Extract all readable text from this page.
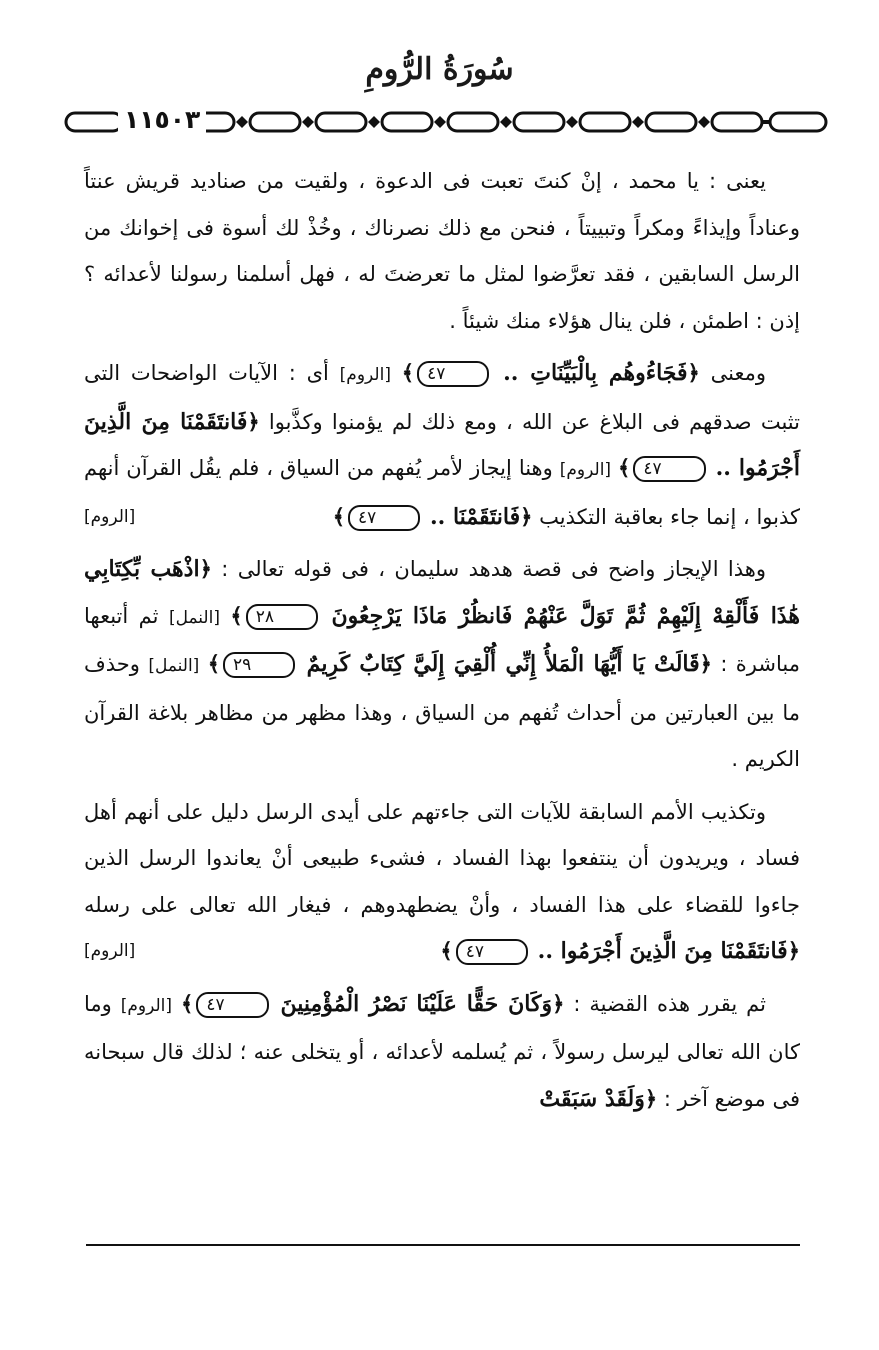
سُورَةُ الرُّومِ
١١٥٠٣

يعنى : يا محمد ، إنْ كنتَ تعبت فى الدعوة ، ولقيت من صناديد قريش عنتاً وعناداً وإيذاءً ومكراً وتبييتاً ، فنحن مع ذلك نصرناك ، وخُذْ لك أسوة فى إخوانك من الرسل السابقين ، فقد تعرَّضوا لمثل ما تعرضتَ له ، فهل أسلمنا رسولنا لأعدائه ؟ إذن : اطمئن ، فلن ينال هؤلاء منك شيئاً .

ومعنى ﴿فَجَاءُوهُم بِالْبَيِّنَاتِ .. ٤٧﴾ [الروم] أى : الآيات الواضحات التى تثبت صدقهم فى البلاغ عن الله ، ومع ذلك لم يؤمنوا وكذَّبوا ﴿فَانتَقَمْنَا مِنَ الَّذِينَ أَجْرَمُوا .. ٤٧﴾ [الروم] وهنا إيجاز لأمر يُفهم من السياق ، فلم يقُل القرآن أنهم كذبوا ، إنما جاء بعاقبة التكذيب ﴿فَانتَقَمْنَا .. ٤٧﴾
[الروم]

وهذا الإيجاز واضح فى قصة هدهد سليمان ، فى قوله تعالى : ﴿اذْهَب بِّكِتَابِي هَٰذَا فَأَلْقِهْ إِلَيْهِمْ ثُمَّ تَوَلَّ عَنْهُمْ فَانظُرْ مَاذَا يَرْجِعُونَ ٢٨﴾ [النمل] ثم أتبعها مباشرة : ﴿قَالَتْ يَا أَيُّهَا الْمَلأُ إِنِّي أُلْقِيَ إِلَيَّ كِتَابٌ كَرِيمٌ ٢٩﴾ [النمل] وحذف ما بين العبارتين من أحداث تُفهم من السياق ، وهذا مظهر من مظاهر بلاغة القرآن الكريم .

وتكذيب الأمم السابقة للآيات التى جاءتهم على أيدى الرسل دليل على أنهم أهل فساد ، ويريدون أن ينتفعوا بهذا الفساد ، فشىء طبيعى أنْ يعاندوا الرسل الذين جاءوا للقضاء على هذا الفساد ، وأنْ يضطهدوهم ، فيغار الله تعالى على رسله ﴿فَانتَقَمْنَا مِنَ الَّذِينَ أَجْرَمُوا .. ٤٧﴾
[الروم]

ثم يقرر هذه القضية : ﴿وَكَانَ حَقًّا عَلَيْنَا نَصْرُ الْمُؤْمِنِينَ ٤٧﴾ [الروم] وما كان الله تعالى ليرسل رسولاً ، ثم يُسلمه لأعدائه ، أو يتخلى عنه ؛ لذلك قال سبحانه فى موضع آخر : ﴿وَلَقَدْ سَبَقَتْ
